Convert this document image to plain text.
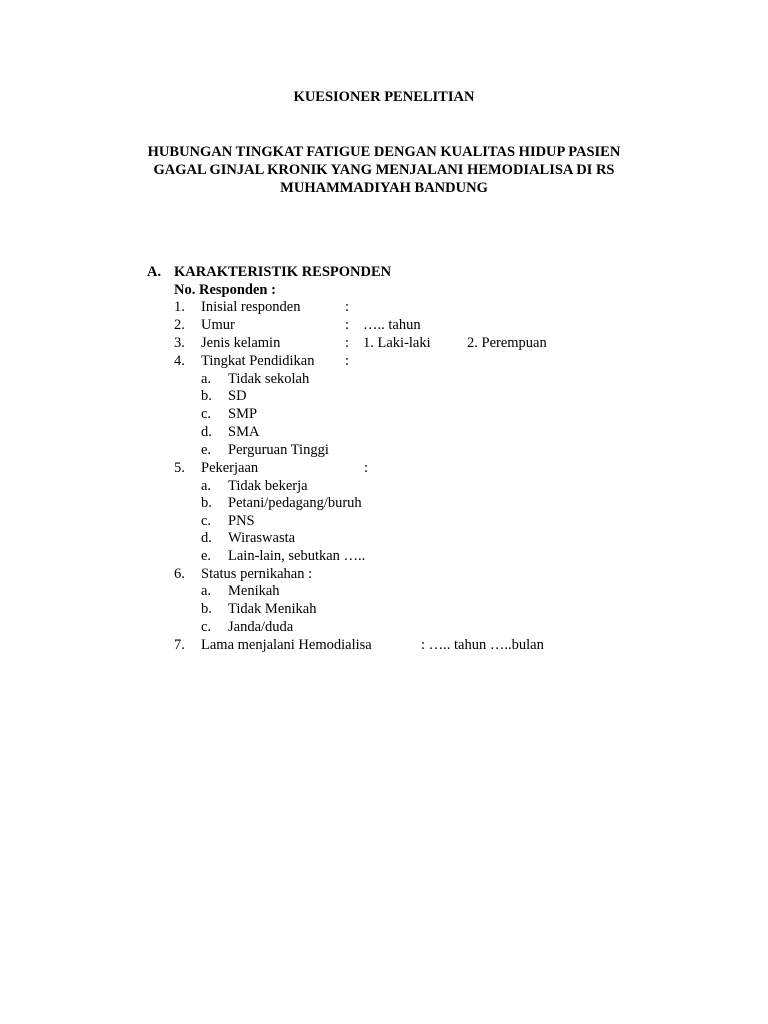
KUESIONER PENELITIAN
HUBUNGAN TINGKAT FATIGUE DENGAN KUALITAS HIDUP PASIEN
GAGAL GINJAL KRONIK YANG MENJALANI HEMODIALISA DI RS
MUHAMMADIYAH BANDUNG
A. KARAKTERISTIK RESPONDEN
No. Responden :
1. Inisial responden	:
2. Umur	: ….. tahun
3. Jenis kelamin	: 1. Laki-laki	2. Perempuan
4. Tingkat Pendidikan :
a. Tidak sekolah
b. SD
c. SMP
d. SMA
e. Perguruan Tinggi
5. Pekerjaan	:
a. Tidak bekerja
b. Petani/pedagang/buruh
c. PNS
d. Wiraswasta
e. Lain-lain, sebutkan …..
6. Status pernikahan :
a. Menikah
b. Tidak Menikah
c. Janda/duda
7. Lama menjalani Hemodialisa	: ….. tahun …..bulan
